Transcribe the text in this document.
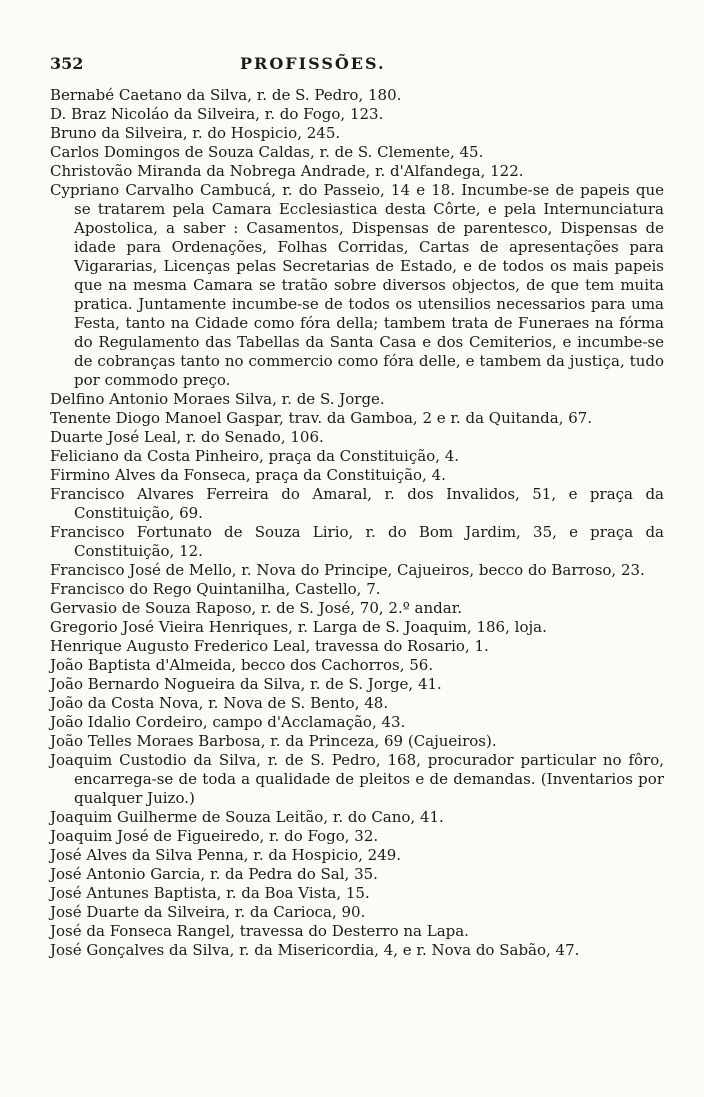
352	PROFISSÕES.

Bernabé Caetano da Silva, r. de S. Pedro, 180.

D. Braz Nicoláo da Silveira, r. do Fogo, 123.

Bruno da Silveira, r. do Hospicio, 245.

Carlos Domingos de Souza Caldas, r. de S. Clemente, 45.

Christovão Miranda da Nobrega Andrade, r. d'Alfandega, 122.

Cypriano Carvalho Cambucá, r. do Passeio, 14 e 18. Incumbe-se de papeis que se tratarem pela Camara Ecclesiastica desta Côrte, e pela Internunciatura Apostolica, a saber : Casamentos, Dispensas de parentesco, Dispensas de idade para Ordenações, Folhas Corridas, Cartas de apresentações para Vigararias, Licenças pelas Secretarias de Estado, e de todos os mais papeis que na mesma Camara se tratão sobre diversos objectos, de que tem muita pratica. Juntamente incumbe-se de todos os utensilios necessarios para uma Festa, tanto na Cidade como fóra della; tambem trata de Funeraes na fórma do Regulamento das Tabellas da Santa Casa e dos Cemiterios, e incumbe-se de cobranças tanto no commercio como fóra delle, e tambem da justiça, tudo por commodo preço.

Delfino Antonio Moraes Silva, r. de S. Jorge.

Tenente Diogo Manoel Gaspar, trav. da Gamboa, 2 e r. da Quitanda, 67.

Duarte José Leal, r. do Senado, 106.

Feliciano da Costa Pinheiro, praça da Constituição, 4.

Firmino Alves da Fonseca, praça da Constituição, 4.

Francisco Alvares Ferreira do Amaral, r. dos Invalidos, 51, e praça da Constituição, 69.

Francisco Fortunato de Souza Lirio, r. do Bom Jardim, 35, e praça da Constituição, 12.

Francisco José de Mello, r. Nova do Principe, Cajueiros, becco do Barroso, 23.

Francisco do Rego Quintanilha, Castello, 7.

Gervasio de Souza Raposo, r. de S. José, 70, 2.º andar.

Gregorio José Vieira Henriques, r. Larga de S. Joaquim, 186, loja.

Henrique Augusto Frederico Leal, travessa do Rosario, 1.

João Baptista d'Almeida, becco dos Cachorros, 56.

João Bernardo Nogueira da Silva, r. de S. Jorge, 41.

João da Costa Nova, r. Nova de S. Bento, 48.

João Idalio Cordeiro, campo d'Acclamação, 43.

João Telles Moraes Barbosa, r. da Princeza, 69 (Cajueiros).

Joaquim Custodio da Silva, r. de S. Pedro, 168, procurador particular no fôro, encarrega-se de toda a qualidade de pleitos e de demandas. (Inventarios por qualquer Juizo.)

Joaquim Guilherme de Souza Leitão, r. do Cano, 41.

Joaquim José de Figueiredo, r. do Fogo, 32.

José Alves da Silva Penna, r. da Hospicio, 249.

José Antonio Garcia, r. da Pedra do Sal, 35.

José Antunes Baptista, r. da Boa Vista, 15.

José Duarte da Silveira, r. da Carioca, 90.

José da Fonseca Rangel, travessa do Desterro na Lapa.

José Gonçalves da Silva, r. da Misericordia, 4, e r. Nova do Sabão, 47.
